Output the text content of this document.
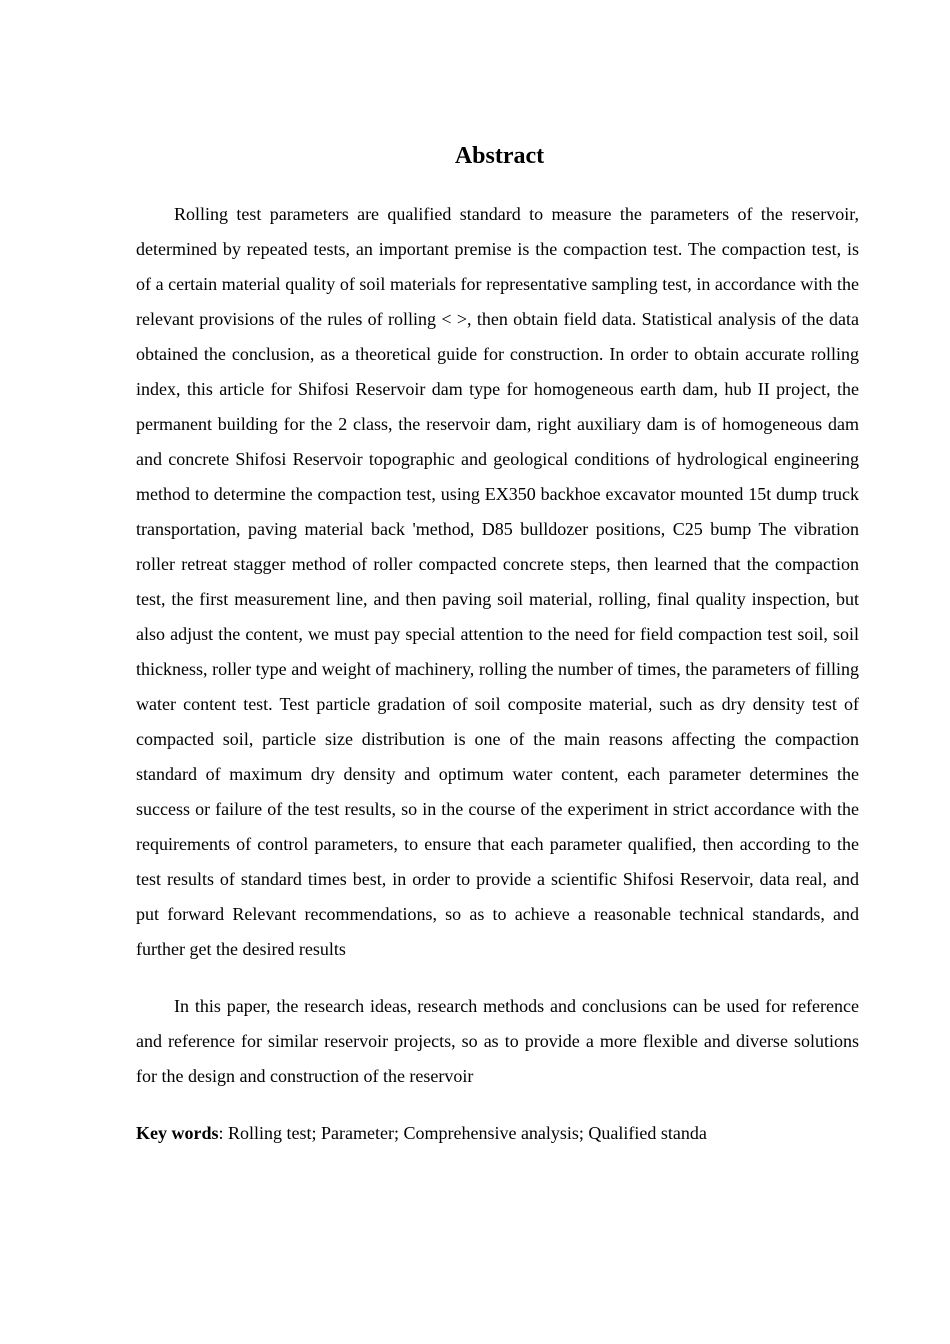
Abstract

Rolling test parameters are qualified standard to measure the parameters of the reservoir, determined by repeated tests, an important premise is the compaction test. The compaction test, is of a certain material quality of soil materials for representative sampling test, in accordance with the relevant provisions of the rules of rolling < >, then obtain field data. Statistical analysis of the data obtained the conclusion, as a theoretical guide for construction. In order to obtain accurate rolling index, this article for Shifosi Reservoir dam type for homogeneous earth dam, hub II project, the permanent building for the 2 class, the reservoir dam, right auxiliary dam is of homogeneous dam and concrete Shifosi Reservoir topographic and geological conditions of hydrological engineering method to determine the compaction test, using EX350 backhoe excavator mounted 15t dump truck transportation, paving material back 'method, D85 bulldozer positions, C25 bump The vibration roller retreat stagger method of roller compacted concrete steps, then learned that the compaction test, the first measurement line, and then paving soil material, rolling, final quality inspection, but also adjust the content, we must pay special attention to the need for field compaction test soil, soil thickness, roller type and weight of machinery, rolling the number of times, the parameters of filling water content test. Test particle gradation of soil composite material, such as dry density test of compacted soil, particle size distribution is one of the main reasons affecting the compaction standard of maximum dry density and optimum water content, each parameter determines the success or failure of the test results, so in the course of the experiment in strict accordance with the requirements of control parameters, to ensure that each parameter qualified, then according to the test results of standard times best, in order to provide a scientific Shifosi Reservoir, data real, and put forward Relevant recommendations, so as to achieve a reasonable technical standards, and further get the desired results

In this paper, the research ideas, research methods and conclusions can be used for reference and reference for similar reservoir projects, so as to provide a more flexible and diverse solutions for the design and construction of the reservoir

Key words: Rolling test; Parameter; Comprehensive analysis; Qualified standa
